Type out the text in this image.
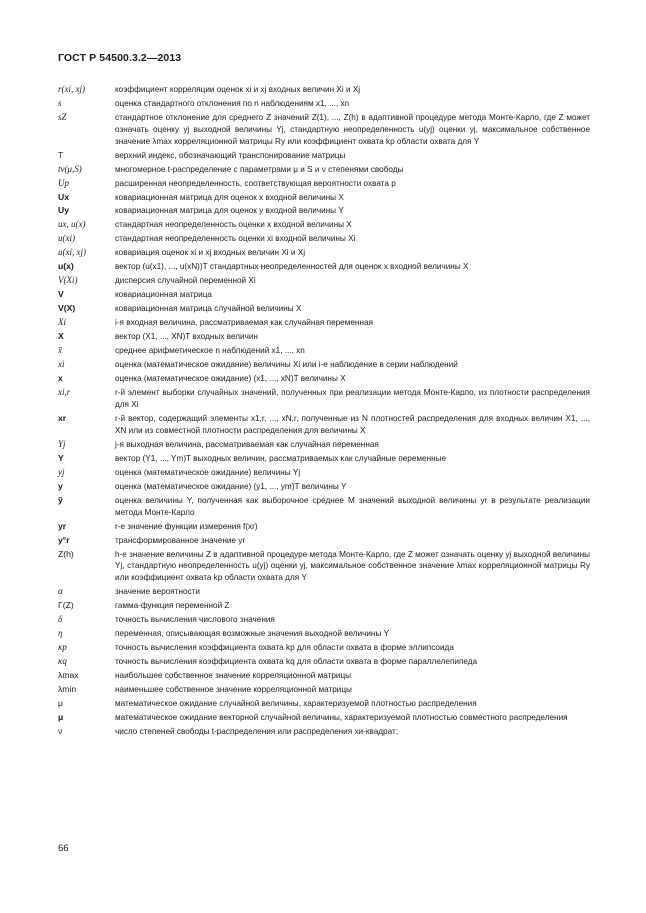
ГОСТ Р 54500.3.2—2013
r(xi, xj)	коэффициент корреляции оценок xi и xj входных величин Xi и Xj
s	оценка стандартного отклонения по n наблюдениям x1, ..., xn
sZ	стандартное отклонение для среднего Z значений Z(1), ..., Z(h) в адаптивной процедуре метода Монте-Карло, где Z может означать оценку yj выходной величины Yj, стандартную неопределенность u(yj) оценки yj, максимальное собственное значение λmax корреляционной матрицы Ry или коэффициент охвата kp области охвата для Y
T	верхний индекс, обозначающий транспонирование матрицы
tν(μ,S)	многомерное t-распределение с параметрами μ и S и ν степенями свободы
Up	расширенная неопределенность, соответствующая вероятности охвата p
Ux	ковариационная матрица для оценок x входной величины X
Uy	ковариационная матрица для оценок y входной величины Y
ux, u(x)	стандартная неопределенность оценки x входной величины X
u(xi)	стандартная неопределенность оценки xi входной величины Xi
u(xi, xj)	ковариация оценок xi и xj входных величин Xi и Xj
u(x)	вектор (u(x1), ..., u(xN))T стандартных неопределенностей для оценок x входной величины X
V(Xi)	дисперсия случайной переменной Xi
V	ковариационная матрица
V(X)	ковариационная матрица случайной величины X
Xi	i-я входная величина, рассматриваемая как случайная переменная
X	вектор (X1, ..., XN)T входных величин
x̄	среднее арифметическое n наблюдений x1, ..., xn
xi	оценка (математическое ожидание) величины Xi или i-е наблюдение в серии наблюдений
x	оценка (математическое ожидание) (x1, ..., xN)T величины X
xi,r	r-й элемент выборки случайных значений, полученных при реализации метода Монте-Карло, из плотности распределения для Xi
xr	r-й вектор, содержащий элементы x1,r, ..., xN,r, полученные из N плотностей распределения для входных величин X1, ..., XN или из совместной плотности распределения для величины X
Yj	j-я выходная величина, рассматриваемая как случайная переменная
Y	вектор (Y1, ..., Ym)T выходных величин, рассматриваемых как случайные переменные
yj	оценка (математическое ожидание) величины Yj
y	оценка (математическое ожидание) (y1, ..., ym)T величины Y
ỹ	оценка величины Y, полученная как выборочное среднее M значений выходной величины yr в результате реализации метода Монте-Карло
yr	r-е значение функции измерения f(xr)
y°r	трансформированное значение yr
Z(h)	h-е значение величины Z в адаптивной процедуре метода Монте-Карло, где Z может означать оценку yj выходной величины Yj, стандартную неопределенность u(yj) оценки yj, максимальное собственное значение λmax корреляционной матрицы Ry или коэффициент охвата kp области охвата для Y
α	значение вероятности
Γ(Z)	гамма-функция переменной Z
δ	точность вычисления числового значения
η	переменная, описывающая возможные значения выходной величины Y
κp	точность вычисления коэффициента охвата kp для области охвата в форме эллипсоида
κq	точность вычисления коэффициента охвата kq для области охвата в форме параллелепипеда
λmax	наибольшее собственное значение корреляционной матрицы
λmin	наименьшее собственное значение корреляционной матрицы
μ	математическое ожидание случайной величины, характеризуемой плотностью распределения
μ	математическое ожидание векторной случайной величины, характеризуемой плотностью совместного распределения
ν	число степеней свободы t-распределения или распределения хи-квадрат;
66
